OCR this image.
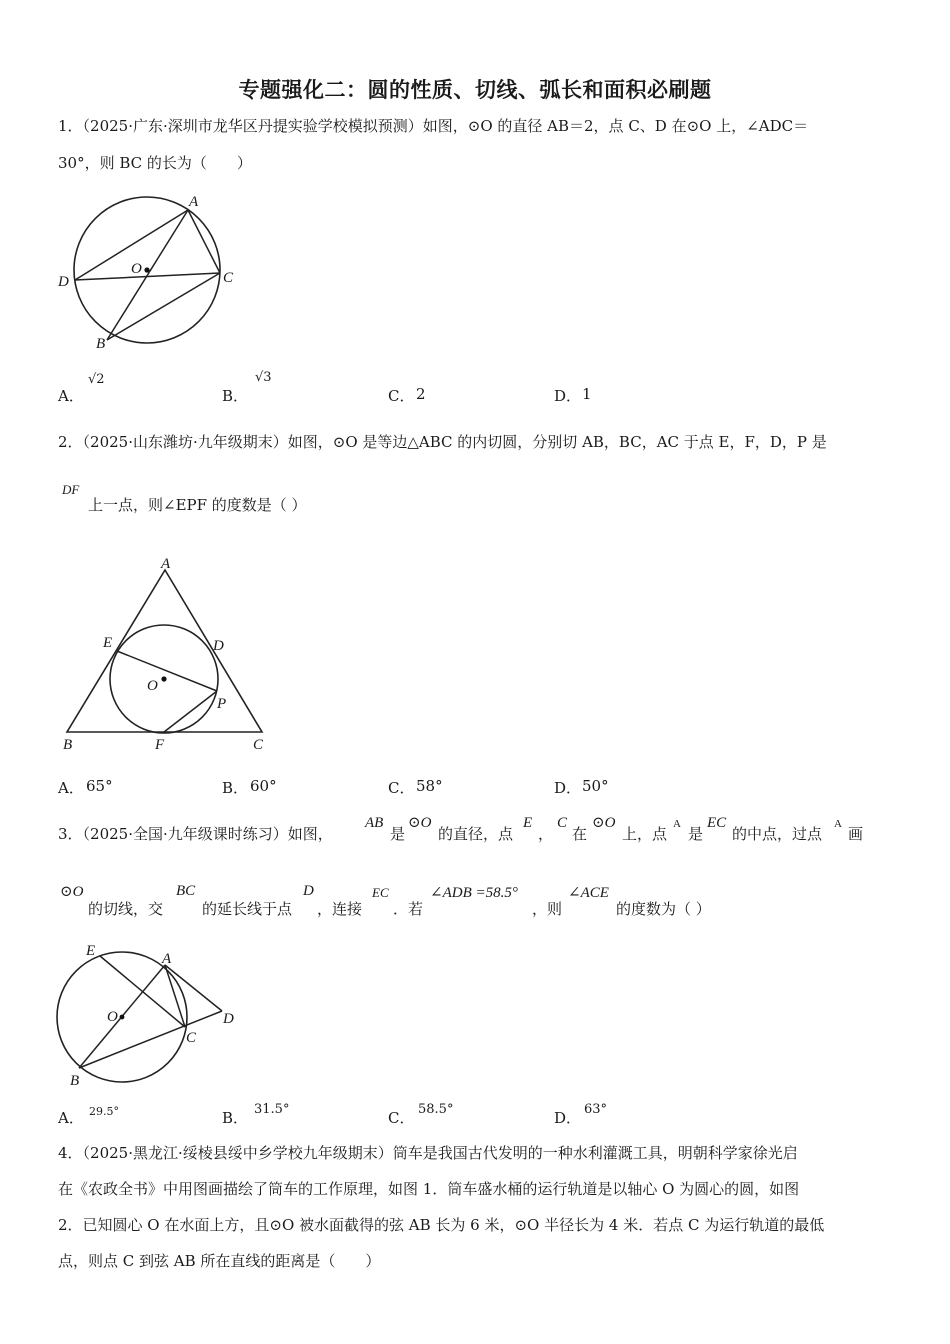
专题强化二：圆的性质、切线、弧长和面积必刷题
1．（2025·广东·深圳市龙华区丹提实验学校模拟预测）如图，⊙O 的直径 AB＝2，点 C、D 在⊙O 上，∠ADC＝
30°，则 BC 的长为（　　）
A
O
C
D
B
A．
√2
B．
√3
C． 2	D． 1
2．（2025·山东潍坊·九年级期末）如图，⊙O 是等边△ABC 的内切圆，分别切 AB，BC，AC 于点 E，F，D，P 是
DF
上一点，则∠EPF 的度数是（ ）
A
E	D
O
P
B	F	C
A． 65°	B． 60°	C． 58°	D． 50°
3．（2025·全国·九年级课时练习）如图，
AB
是
⊙O
的直径，点
E
，
C
在
⊙O
上，点
A
是
EC
的中点，过点
A
画
⊙O
的切线，交
BC
的延长线于点
D
，连接
EC
．若
∠ADB =58.5°
，则
∠ACE
的度数为（ ）
E	A
O	D
C
B
A． 29.5°	B． 31.5°	C． 58.5°	D． 63°
4．（2025·黑龙江·绥棱县绥中乡学校九年级期末）筒车是我国古代发明的一种水利灌溉工具，明朝科学家徐光启
在《农政全书》中用图画描绘了筒车的工作原理，如图 1．筒车盛水桶的运行轨道是以轴心 O 为圆心的圆，如图
2．已知圆心 O 在水面上方，且⊙O 被水面截得的弦 AB 长为 6 米，⊙O 半径长为 4 米．若点 C 为运行轨道的最低
点，则点 C 到弦 AB 所在直线的距离是（　　）
